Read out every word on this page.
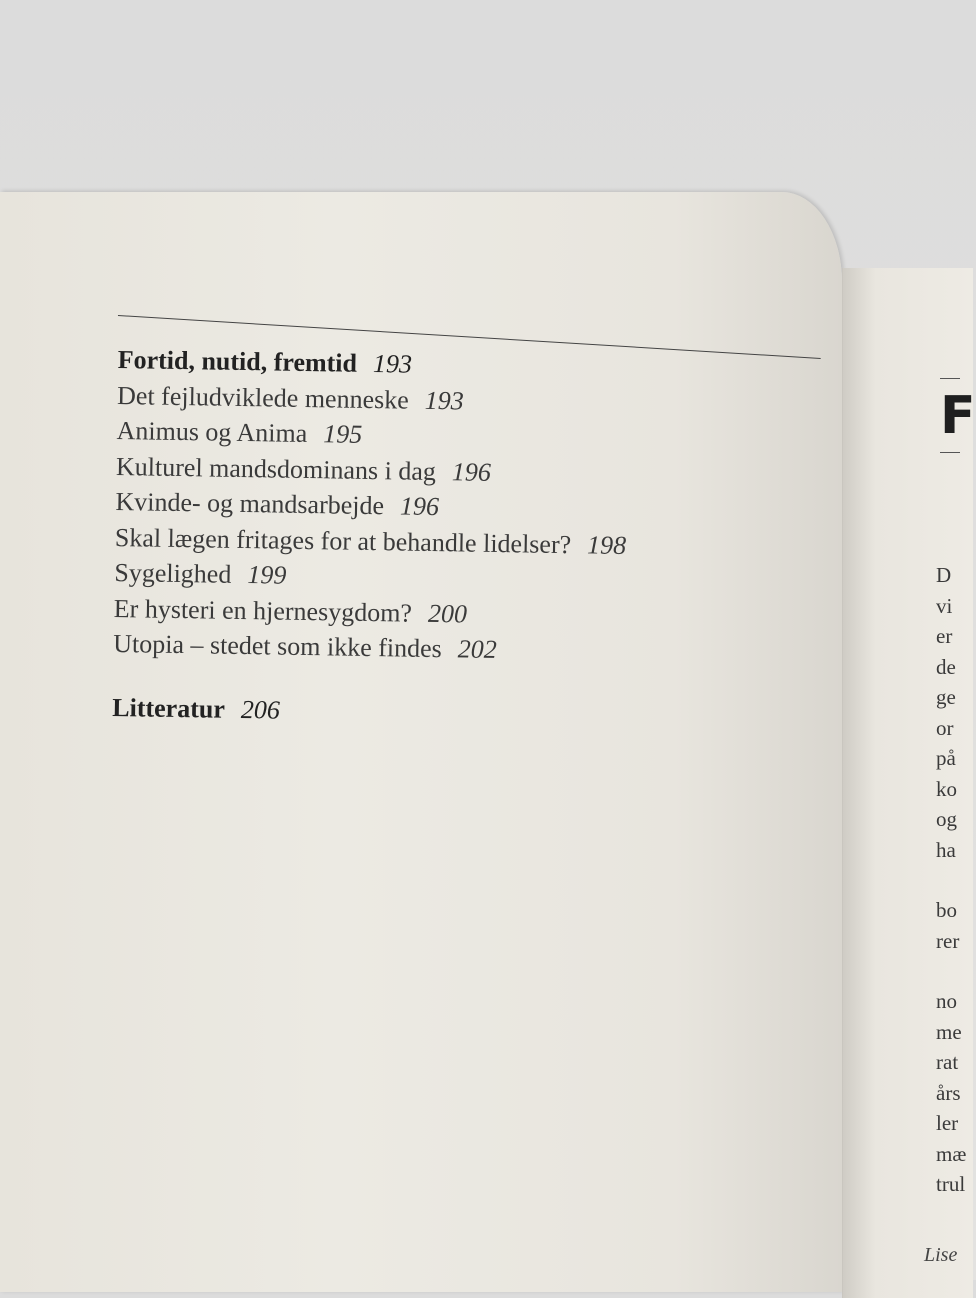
Fortid, nutid, fremtid 193
Det fejludviklede menneske 193
Animus og Anima 195
Kulturel mandsdominans i dag 196
Kvinde- og mandsarbejde 196
Skal lægen fritages for at behandle lidelser? 198
Sygelighed 199
Er hysteri en hjernesygdom? 200
Utopia – stedet som ikke findes 202
Litteratur 206
F
D
vi
er
de
ge
or
på
ko
og
ha
bo
rer
no
me
rat
års
ler
mæ
trul
Lise
